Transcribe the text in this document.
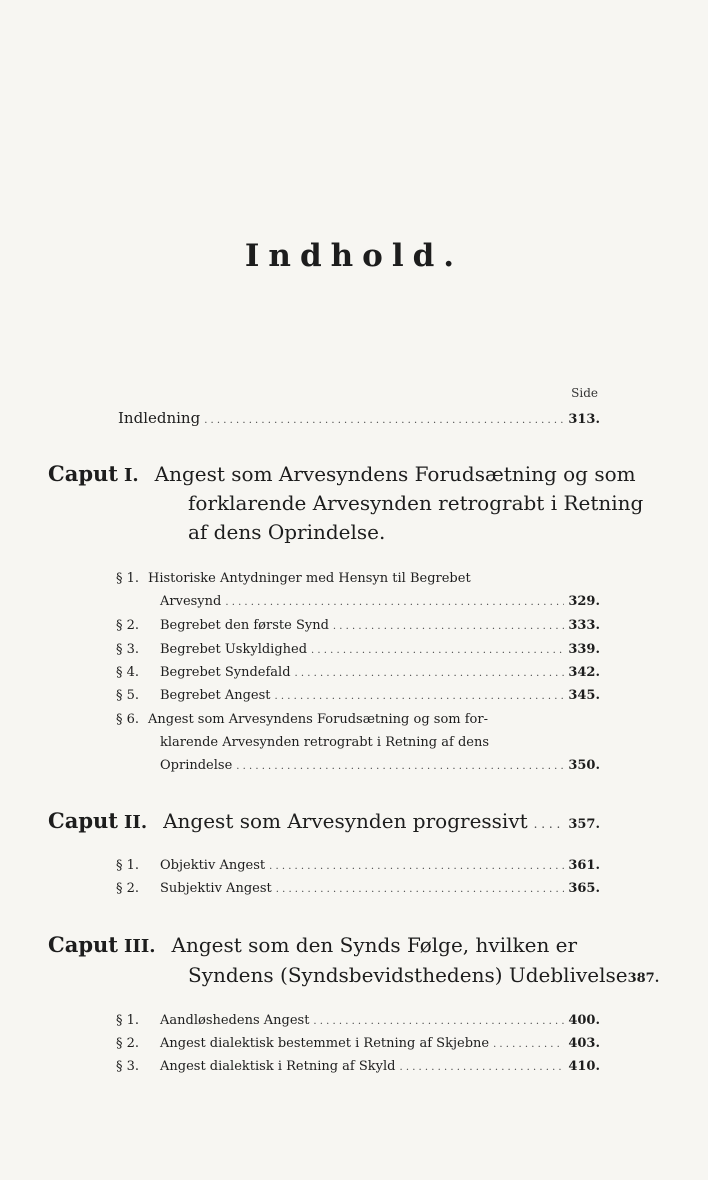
Indhold.
Side
Indledning . . .	313.
Caput I. Angest som Arvesyndens Forudsætning og som
forklarende Arvesynden retrograbt i Retning
af dens Oprindelse.
§ 1. Historiske Antydninger med Hensyn til Begrebet
Arvesynd . . .	329.
§ 2.	Begrebet den første Synd . . .	333.
§ 3.	Begrebet Uskyldighed . . .	339.
§ 4.	Begrebet Syndefald . . .	342.
§ 5.	Begrebet Angest . . .	345.
§ 6. Angest som Arvesyndens Forudsætning og som for-
klarende Arvesynden retrograbt i Retning af dens
Oprindelse . . .	350.
Caput II. Angest som Arvesynden progressivt . . .	357.
§ 1.	Objektiv Angest . . .	361.
§ 2.	Subjektiv Angest . . .	365.
Caput III. Angest som den Synds Følge, hvilken er
Syndens (Syndsbevidsthedens) Udeblivelse 387.
§ 1.	Aandløshedens Angest . . .	400.
§ 2.	Angest dialektisk bestemmet i Retning af Skjebne . . .	403.
§ 3.	Angest dialektisk i Retning af Skyld . . .	410.
